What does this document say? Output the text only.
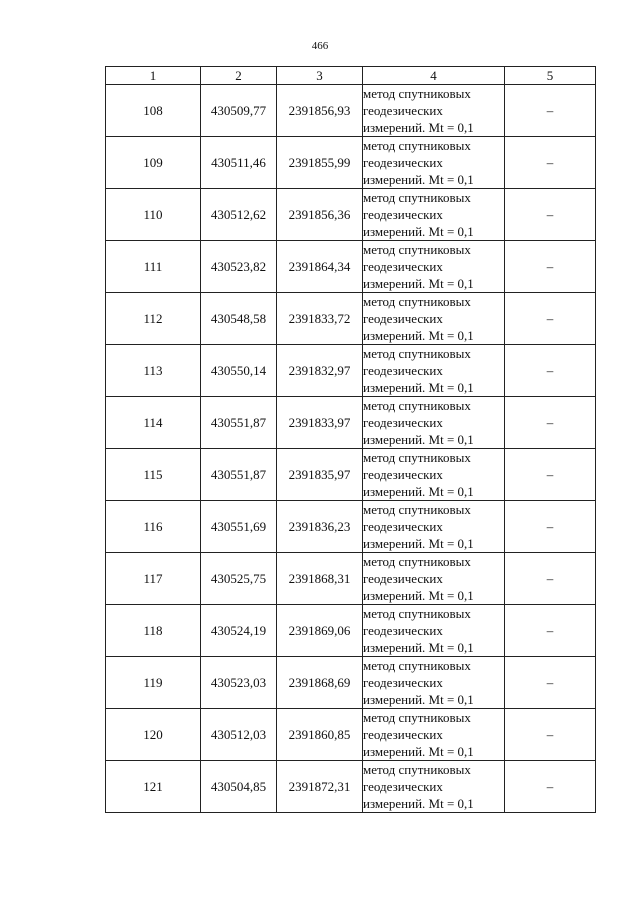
466
1	2	3	4	5
108	430509,77	2391856,93	метод спутниковых
геодезических
измерений. Mt = 0,1	–
109	430511,46	2391855,99	метод спутниковых
геодезических
измерений. Mt = 0,1	–
110	430512,62	2391856,36	метод спутниковых
геодезических
измерений. Mt = 0,1	–
111	430523,82	2391864,34	метод спутниковых
геодезических
измерений. Mt = 0,1	–
112	430548,58	2391833,72	метод спутниковых
геодезических
измерений. Mt = 0,1	–
113	430550,14	2391832,97	метод спутниковых
геодезических
измерений. Mt = 0,1	–
114	430551,87	2391833,97	метод спутниковых
геодезических
измерений. Mt = 0,1	–
115	430551,87	2391835,97	метод спутниковых
геодезических
измерений. Mt = 0,1	–
116	430551,69	2391836,23	метод спутниковых
геодезических
измерений. Mt = 0,1	–
117	430525,75	2391868,31	метод спутниковых
геодезических
измерений. Mt = 0,1	–
118	430524,19	2391869,06	метод спутниковых
геодезических
измерений. Mt = 0,1	–
119	430523,03	2391868,69	метод спутниковых
геодезических
измерений. Mt = 0,1	–
120	430512,03	2391860,85	метод спутниковых
геодезических
измерений. Mt = 0,1	–
121	430504,85	2391872,31	метод спутниковых
геодезических
измерений. Mt = 0,1	–
